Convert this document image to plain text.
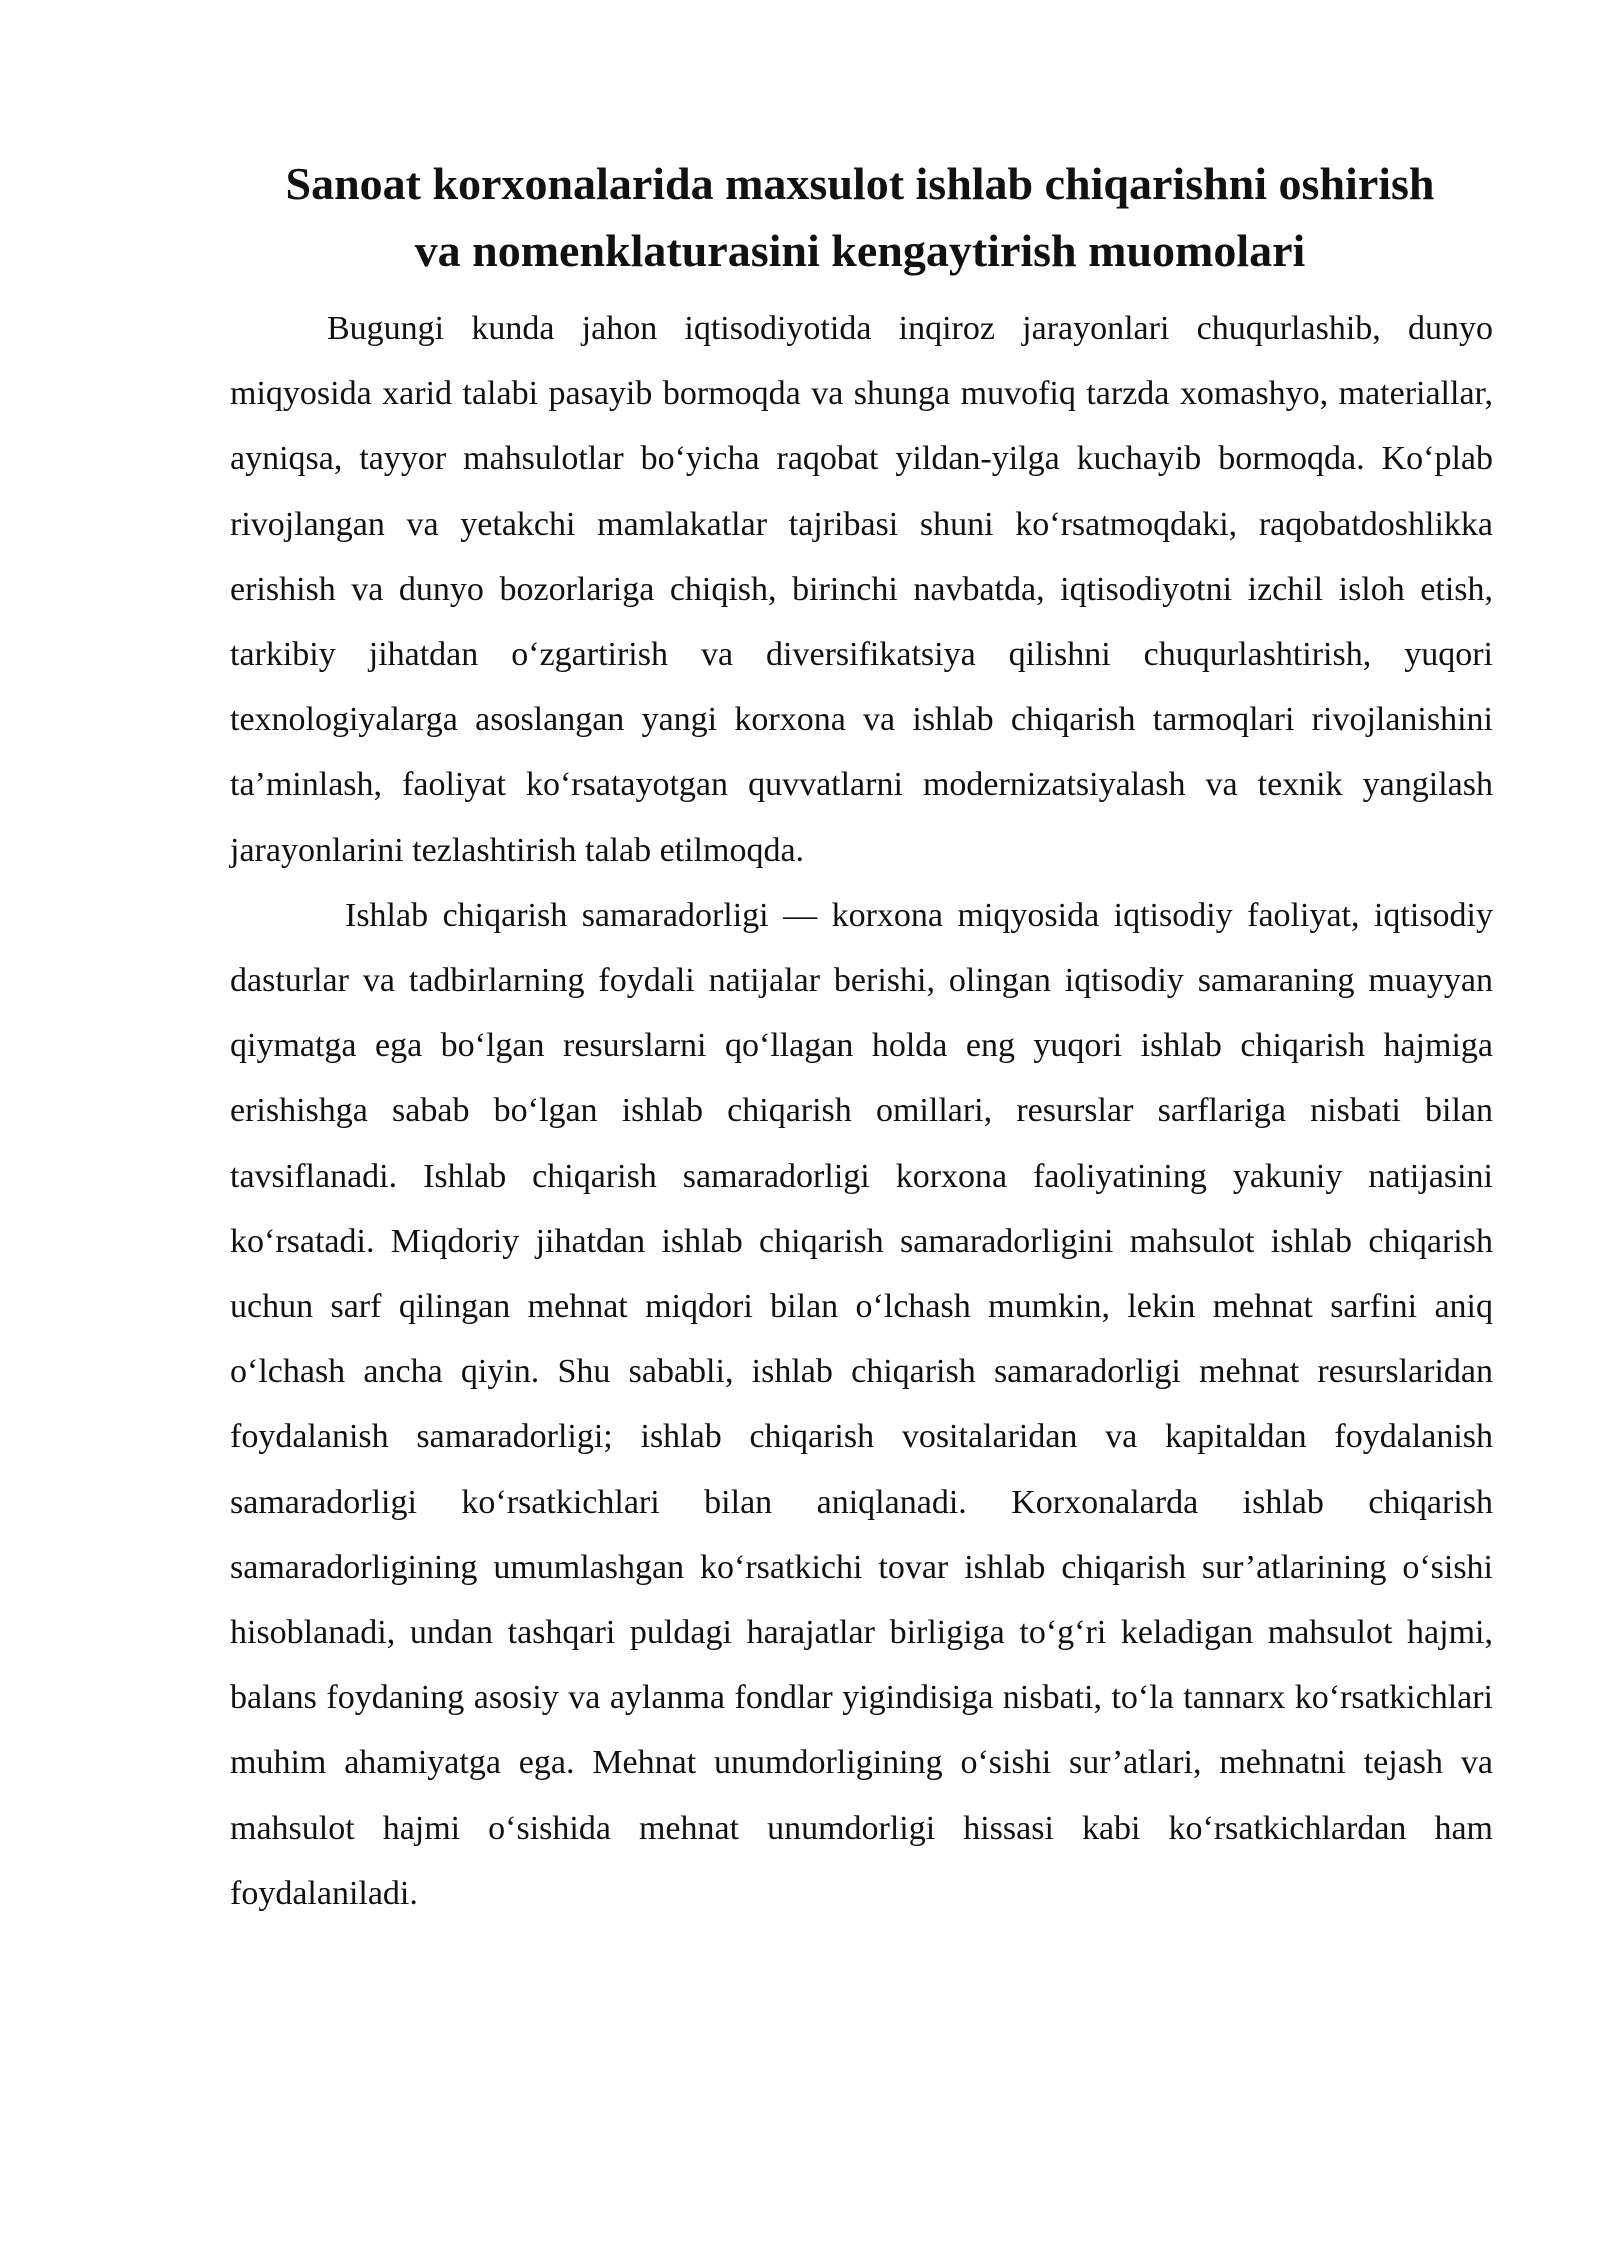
Sanoat korxonalarida maxsulot ishlab chiqarishni oshirish
va nomenklaturasini kengaytirish muomolari

Bugungi kunda jahon iqtisodiyotida inqiroz jarayonlari chuqurlashib, dunyo miqyosida xarid talabi pasayib bormoqda va shunga muvofiq tarzda xomashyo, materiallar, ayniqsa, tayyor mahsulotlar bo‘yicha raqobat yildan-yilga kuchayib bormoqda. Ko‘plab rivojlangan va yetakchi mamlakatlar tajribasi shuni ko‘rsatmoqdaki, raqobatdoshlikka erishish va dunyo bozorlariga chiqish, birinchi navbatda, iqtisodiyotni izchil isloh etish, tarkibiy jihatdan o‘zgartirish va diversifikatsiya qilishni chuqurlashtirish, yuqori texnologiyalarga asoslangan yangi korxona va ishlab chiqarish tarmoqlari rivojlanishini ta’minlash, faoliyat ko‘rsatayotgan quvvatlarni modernizatsiyalash va texnik yangilash jarayonlarini tezlashtirish talab etilmoqda.

Ishlab chiqarish samaradorligi — korxona miqyosida iqtisodiy faoliyat, iqtisodiy dasturlar va tadbirlarning foydali natijalar berishi, olingan iqtisodiy samaraning muayyan qiymatga ega bo‘lgan resurslarni qo‘llagan holda eng yuqori ishlab chiqarish hajmiga erishishga sabab bo‘lgan ishlab chiqarish omillari, resurslar sarflariga nisbati bilan tavsiflanadi. Ishlab chiqarish samaradorligi korxona faoliyatining yakuniy natijasini ko‘rsatadi. Miqdoriy jihatdan ishlab chiqarish samaradorligini mahsulot ishlab chiqarish uchun sarf qilingan mehnat miqdori bilan o‘lchash mumkin, lekin mehnat sarfini aniq o‘lchash ancha qiyin. Shu sababli, ishlab chiqarish samaradorligi mehnat resurslaridan foydalanish samaradorligi; ishlab chiqarish vositalaridan va kapitaldan foydalanish samaradorligi ko‘rsatkichlari bilan aniqlanadi. Korxonalarda ishlab chiqarish samaradorligining umumlashgan ko‘rsatkichi tovar ishlab chiqarish sur’atlarining o‘sishi hisoblanadi, undan tashqari puldagi harajatlar birligiga to‘g‘ri keladigan mahsulot hajmi, balans foydaning asosiy va aylanma fondlar yigindisiga nisbati, to‘la tannarx ko‘rsatkichlari muhim ahamiyatga ega. Mehnat unumdorligining o‘sishi sur’atlari, mehnatni tejash va mahsulot hajmi o‘sishida mehnat unumdorligi hissasi kabi ko‘rsatkichlardan ham foydalaniladi.
